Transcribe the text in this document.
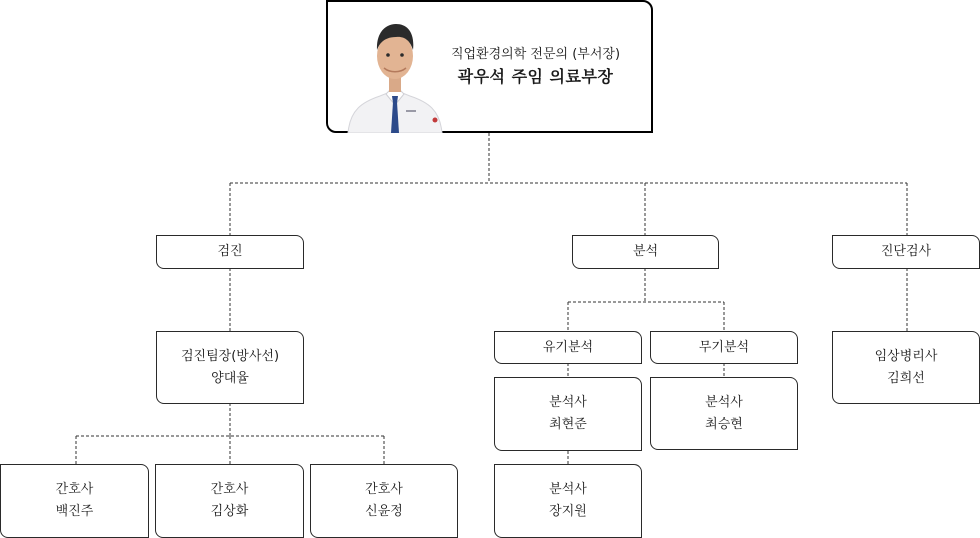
직업환경의학 전문의 (부서장)
곽우석 주임 의료부장
검진	분석	진단검사
검진팀장(방사선)
양대율
간호사
백진주
간호사
김상화
간호사
신윤정
유기분석	무기분석
분석사
최현준
분석사
장지원
분석사
최승현
임상병리사
김희선
